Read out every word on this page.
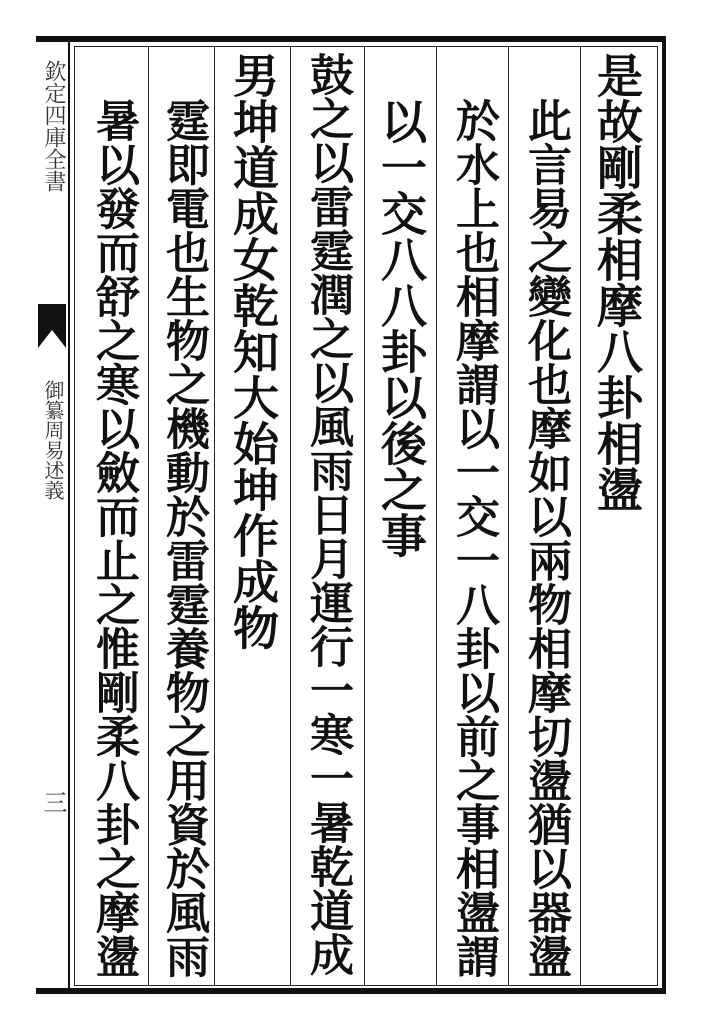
欽定四庫全書
御纂周易述義
三
是故剛柔相摩八卦相盪
此言易之變化也摩如以兩物相摩切盪猶以器盪
於水上也相摩謂以一交一八卦以前之事相盪謂
以一交八八卦以後之事
鼓之以雷霆潤之以風雨日月運行一寒一暑乾道成
男坤道成女乾知大始坤作成物
霆即電也生物之機動於雷霆養物之用資於風雨
暑以發而舒之寒以斂而止之惟剛柔八卦之摩盪
